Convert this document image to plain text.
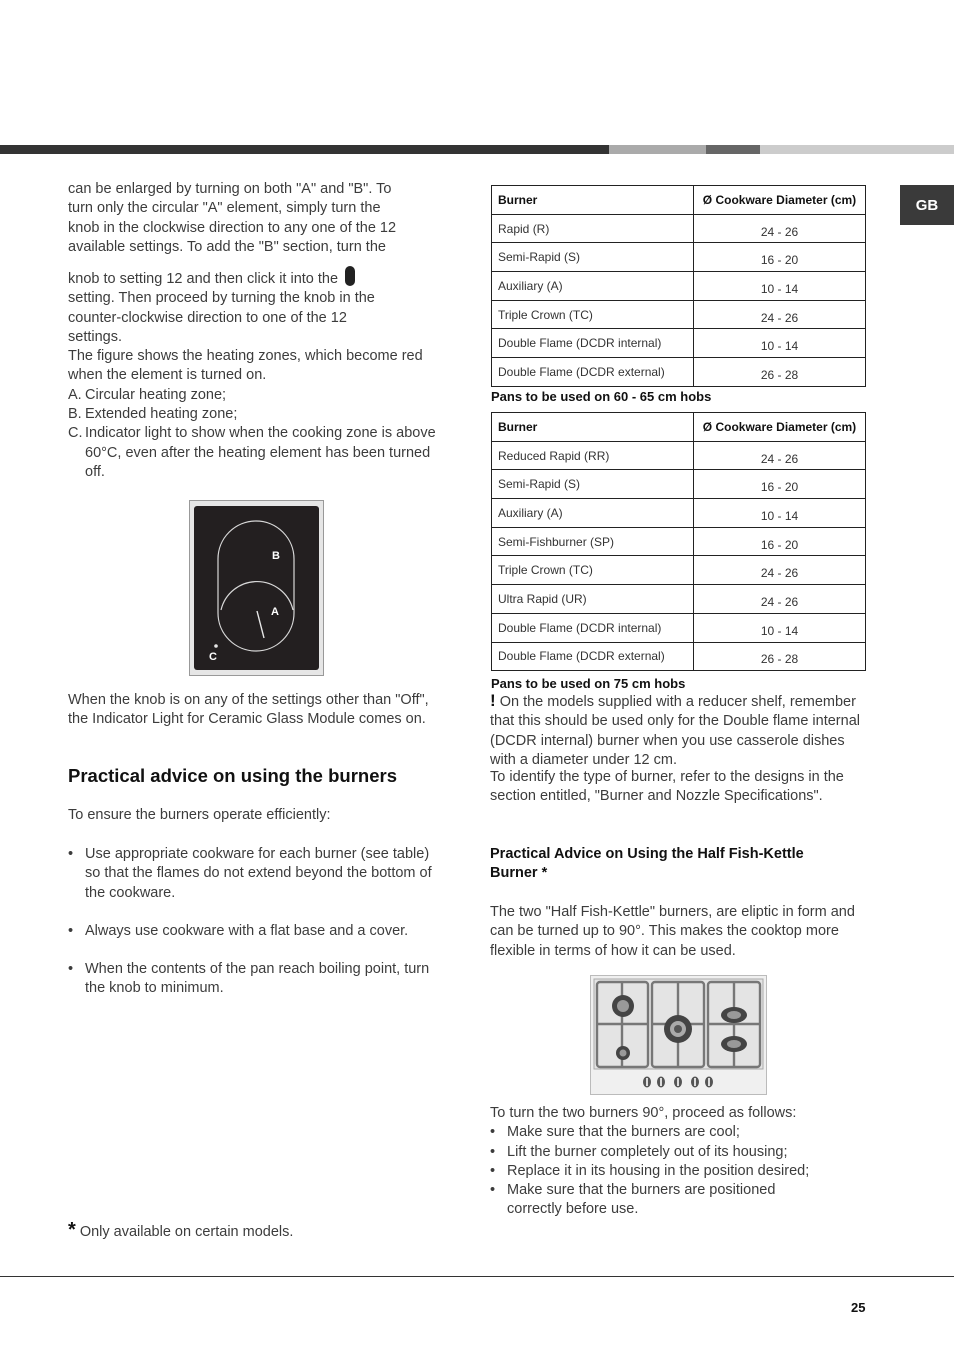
GB
can be enlarged by turning on both "A" and "B". To
turn only the circular "A" element, simply turn the
knob in the clockwise direction to any one of the 12
available settings. To add the "B" section, turn the
knob to setting 12 and then click it into the
setting. Then proceed by turning the knob in the
counter-clockwise direction to one of the 12
settings.
The figure shows the heating zones, which become red when the element is turned on.
A. Circular heating zone;
B. Extended heating zone;
C. Indicator light to show when the cooking zone is above 60°C, even after the heating element has been turned off.
B
A
C
When the knob is on any of the settings other than "Off", the Indicator Light for Ceramic Glass Module comes on.
Practical advice on using the burners
To ensure the burners operate efficiently:
• Use appropriate cookware for each burner (see table) so that the flames do not extend beyond the bottom of the cookware.
• Always use cookware with a flat base and a cover.
• When the contents of the pan reach boiling point, turn the knob to minimum.
* Only available on certain models.
Burner	Ø Cookware Diameter (cm)
Rapid (R)	24 - 26
Semi-Rapid (S)	16 - 20
Auxiliary (A)	10 - 14
Triple Crown (TC)	24 - 26
Double Flame (DCDR internal)	10 - 14
Double Flame (DCDR external)	26 - 28
Pans to be used on 60 - 65 cm hobs
Burner	Ø Cookware Diameter (cm)
Reduced Rapid (RR)	24 - 26
Semi-Rapid (S)	16 - 20
Auxiliary (A)	10 - 14
Semi-Fishburner (SP)	16 - 20
Triple Crown (TC)	24 - 26
Ultra Rapid (UR)	24 - 26
Double Flame (DCDR internal)	10 - 14
Double Flame (DCDR external)	26 - 28
Pans to be used on 75 cm hobs
! On the models supplied with a reducer shelf, remember that this should be used only for the Double flame internal (DCDR internal) burner when you use casserole dishes with a diameter under 12 cm.
To identify the type of burner, refer to the designs in the section entitled, "Burner and Nozzle Specifications".
Practical Advice on Using the Half Fish-Kettle Burner *
The two "Half Fish-Kettle" burners, are eliptic in form and can be turned up to 90°. This makes the cooktop more flexible in terms of how it can be used.
To turn the two burners 90°, proceed as follows:
• Make sure that the burners are cool;
• Lift the burner completely out of its housing;
• Replace it in its housing in the position desired;
• Make sure that the burners are positioned correctly before use.
25
